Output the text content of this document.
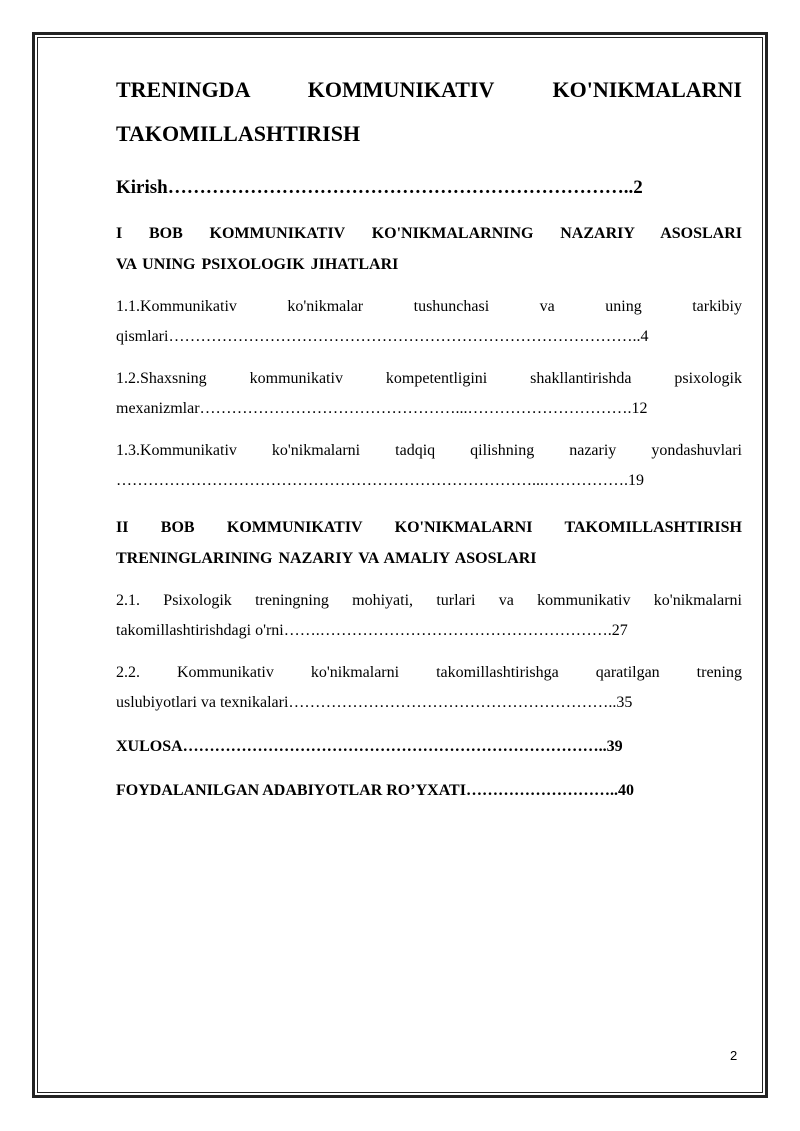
TRENINGDA KOMMUNIKATIV KO'NIKMALARNI
TAKOMILLASHTIRISH
Kirish………………………………………………………………..2
I BOB KOMMUNIKATIV KO'NIKMALARNING NAZARIY ASOSLARI
VA UNING PSIXOLOGIK JIHATLARI
1.1.Kommunikativ ko'nikmalar tushunchasi va uning tarkibiy
qismlari……………………………………………………………………………..4
1.2.Shaxsning kommunikativ kompetentligini shakllantirishda psixologik
mexanizmlar…………………………………………...………………………….12
1.3.Kommunikativ ko'nikmalarni tadqiq qilishning nazariy yondashuvlari
……………………………………………………………………...…………….19
II BOB KOMMUNIKATIV KO'NIKMALARNI TAKOMILLASHTIRISH
TRENINGLARINING NAZARIY VA AMALIY ASOSLARI
2.1. Psixologik treningning mohiyati, turlari va kommunikativ ko'nikmalarni
takomillashtirishdagi o'rni…….……………………………………………….27
2.2. Kommunikativ ko'nikmalarni takomillashtirishga qaratilgan trening
uslubiyotlari va texnikalari……………………………………………………..35
XULOSA……………………………………………………………………..39
FOYDALANILGAN ADABIYOTLAR RO’YXATI………………………..40
2
